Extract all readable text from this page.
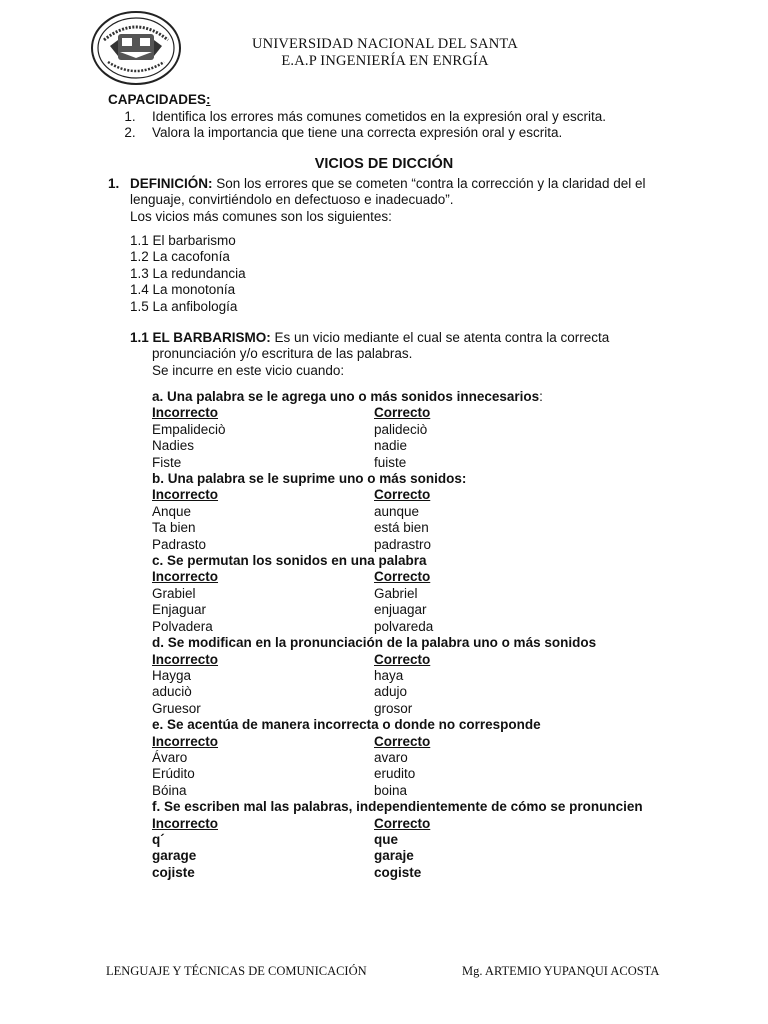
UNIVERSIDAD NACIONAL DEL SANTA
E.A.P INGENIERÍA EN ENRGÍA
CAPACIDADES:
1. Identifica los errores más comunes cometidos en la expresión oral y escrita.
2. Valora la importancia que tiene una correcta expresión oral y escrita.
VICIOS DE DICCIÓN
1. DEFINICIÓN: Son los errores que se cometen “contra la corrección y la claridad del el lenguaje, convirtiéndolo en defectuoso e inadecuado”.
Los vicios más comunes son los siguientes:
1.1 El barbarismo
1.2 La cacofonía
1.3 La redundancia
1.4 La monotonía
1.5 La anfibología
1.1 EL BARBARISMO: Es un vicio mediante el cual se atenta contra la correcta
pronunciación y/o escritura de las palabras.
Se incurre en este vicio cuando:
a. Una palabra se le agrega uno o más sonidos innecesarios:
Incorrecto	Correcto
Empalideciò	palideciò
Nadies	nadie
Fiste	fuiste
b. Una palabra se le suprime uno o más sonidos:
Incorrecto	Correcto
Anque	aunque
Ta bien	está bien
Padrasto	padrastro
c. Se permutan los sonidos en una palabra
Incorrecto	Correcto
Grabiel	Gabriel
Enjaguar	enjuagar
Polvadera	polvareda
d. Se modifican en la pronunciación de la palabra uno o más sonidos
Incorrecto	Correcto
Hayga	haya
aduciò	adujo
Gruesor	grosor
e. Se acentúa de manera incorrecta o donde no corresponde
Incorrecto	Correcto
Ávaro	avaro
Erúdito	erudito
Bóina	boina
f. Se escriben mal las palabras, independientemente de cómo se pronuncien
Incorrecto	Correcto
q´	que
garage	garaje
cojiste	cogiste
LENGUAJE Y TÉCNICAS DE COMUNICACIÓN	Mg. ARTEMIO YUPANQUI ACOSTA
